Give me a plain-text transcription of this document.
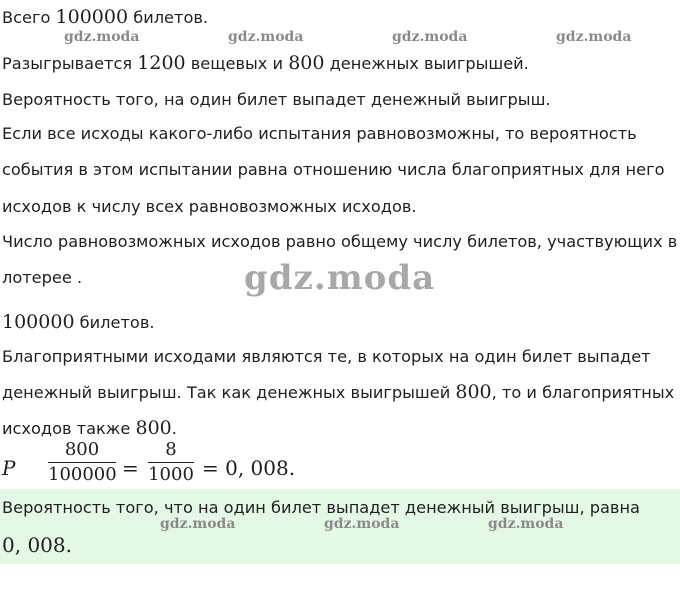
gdz.moda	gdz.moda	gdz.moda	gdz.moda
Всего 100000 билетов.
Разыгрывается 1200 вещевых и 800 денежных выигрышей.
Вероятность того, на один билет выпадет денежный выигрыш.
Если все исходы какого-либо испытания равновозможны, то вероятность
события в этом испытании равна отношению числа благоприятных для него
исходов к числу всех равновозможных исходов.
Число равновозможных исходов равно общему числу билетов, участвующих в
лотерее .	gdz.moda
100000 билетов.
Благоприятными исходами являются те, в которых на один билет выпадет
денежный выигрыш. Так как денежных выигрышей 800, то и благоприятных
исходов также 800.
P
800
100000 =
8
1000 = 0, 008.
Вероятность того, что на один билет выпадет денежный выигрыш, равна
gdz.moda	gdz.moda	gdz.moda
0, 008.
